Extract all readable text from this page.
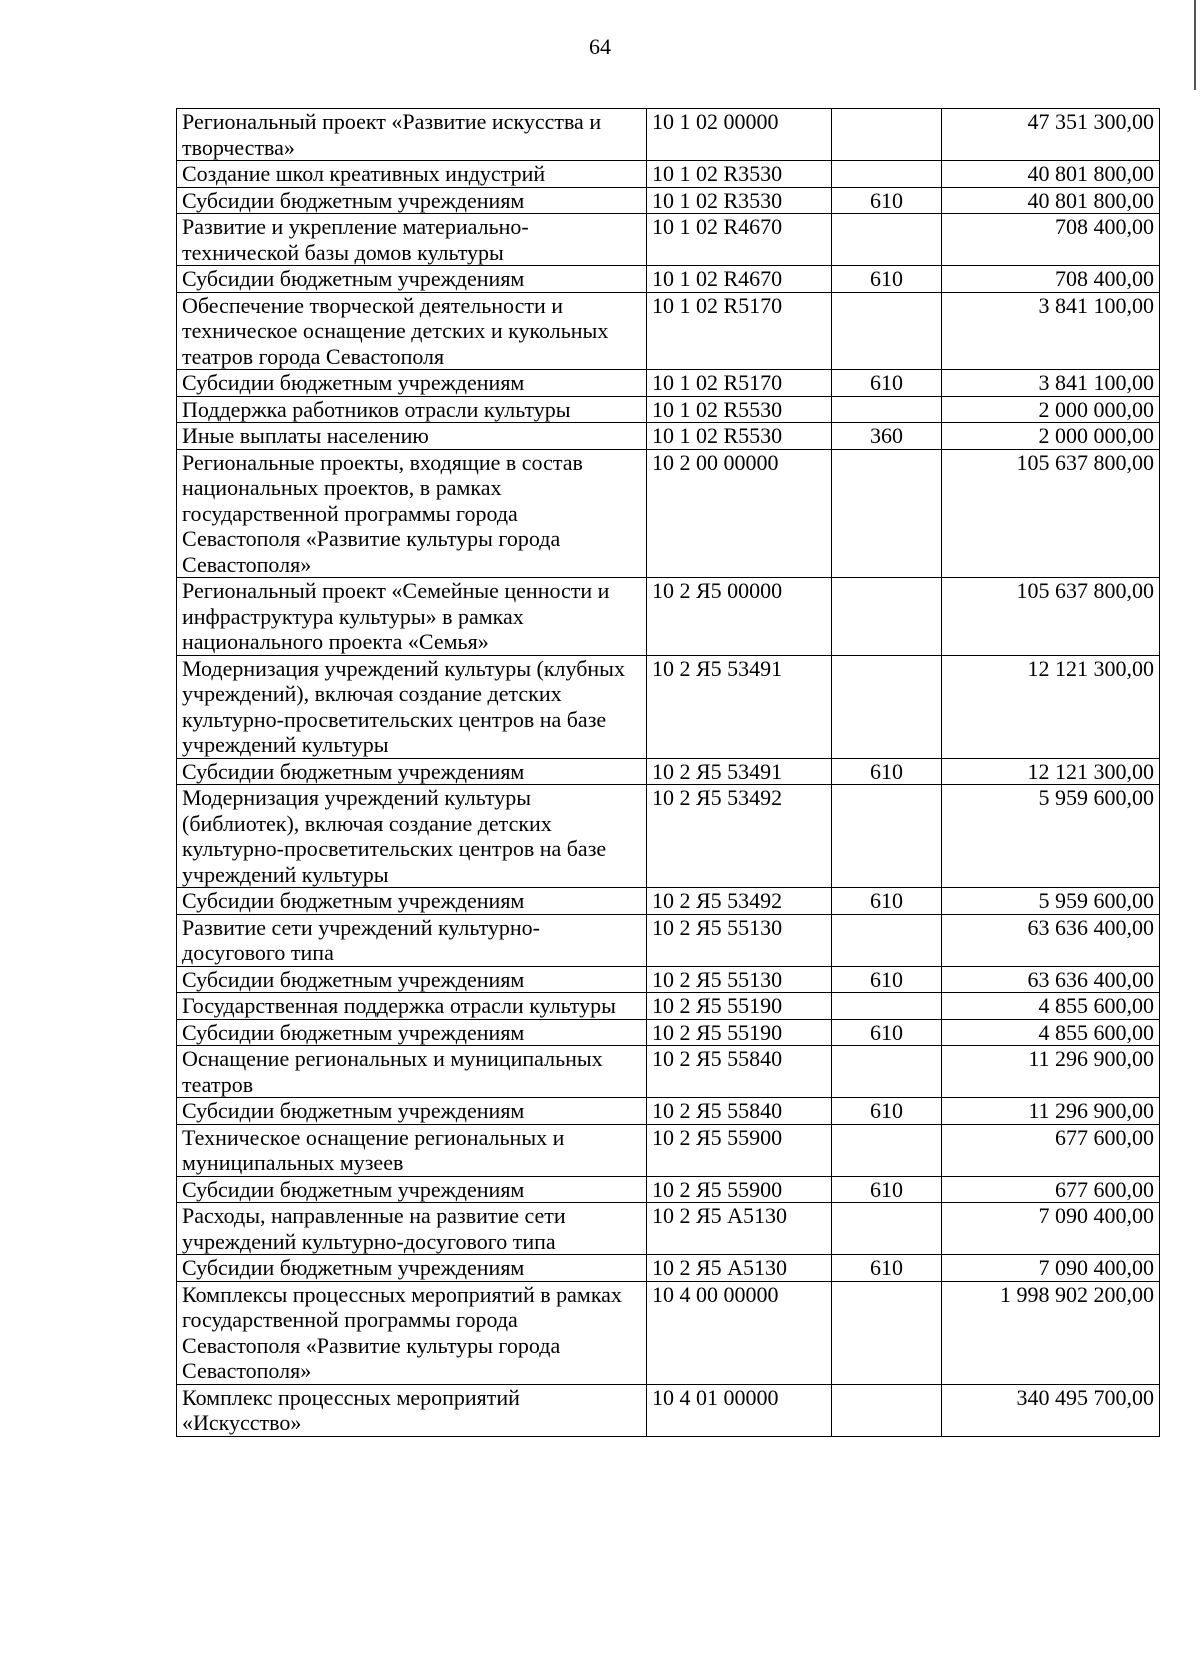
64
Региональный проект «Развитие искусства и творчества»	10 1 02 00000		47 351 300,00
Создание школ креативных индустрий	10 1 02 R3530		40 801 800,00
Субсидии бюджетным учреждениям	10 1 02 R3530	610	40 801 800,00
Развитие и укрепление материально-технической базы домов культуры	10 1 02 R4670		708 400,00
Субсидии бюджетным учреждениям	10 1 02 R4670	610	708 400,00
Обеспечение творческой деятельности и техническое оснащение детских и кукольных театров города Севастополя	10 1 02 R5170		3 841 100,00
Субсидии бюджетным учреждениям	10 1 02 R5170	610	3 841 100,00
Поддержка работников отрасли культуры	10 1 02 R5530		2 000 000,00
Иные выплаты населению	10 1 02 R5530	360	2 000 000,00
Региональные проекты, входящие в состав национальных проектов, в рамках государственной программы города Севастополя «Развитие культуры города Севастополя»	10 2 00 00000		105 637 800,00
Региональный проект «Семейные ценности и инфраструктура культуры» в рамках национального проекта «Семья»	10 2 Я5 00000		105 637 800,00
Модернизация учреждений культуры (клубных учреждений), включая создание детских культурно-просветительских центров на базе учреждений культуры	10 2 Я5 53491		12 121 300,00
Субсидии бюджетным учреждениям	10 2 Я5 53491	610	12 121 300,00
Модернизация учреждений культуры (библиотек), включая создание детских культурно-просветительских центров на базе учреждений культуры	10 2 Я5 53492		5 959 600,00
Субсидии бюджетным учреждениям	10 2 Я5 53492	610	5 959 600,00
Развитие сети учреждений культурно-досугового типа	10 2 Я5 55130		63 636 400,00
Субсидии бюджетным учреждениям	10 2 Я5 55130	610	63 636 400,00
Государственная поддержка отрасли культуры	10 2 Я5 55190		4 855 600,00
Субсидии бюджетным учреждениям	10 2 Я5 55190	610	4 855 600,00
Оснащение региональных и муниципальных театров	10 2 Я5 55840		11 296 900,00
Субсидии бюджетным учреждениям	10 2 Я5 55840	610	11 296 900,00
Техническое оснащение региональных и муниципальных музеев	10 2 Я5 55900		677 600,00
Субсидии бюджетным учреждениям	10 2 Я5 55900	610	677 600,00
Расходы, направленные на развитие сети учреждений культурно-досугового типа	10 2 Я5 А5130		7 090 400,00
Субсидии бюджетным учреждениям	10 2 Я5 А5130	610	7 090 400,00
Комплексы процессных мероприятий в рамках государственной программы города Севастополя «Развитие культуры города Севастополя»	10 4 00 00000		1 998 902 200,00
Комплекс процессных мероприятий «Искусство»	10 4 01 00000		340 495 700,00
